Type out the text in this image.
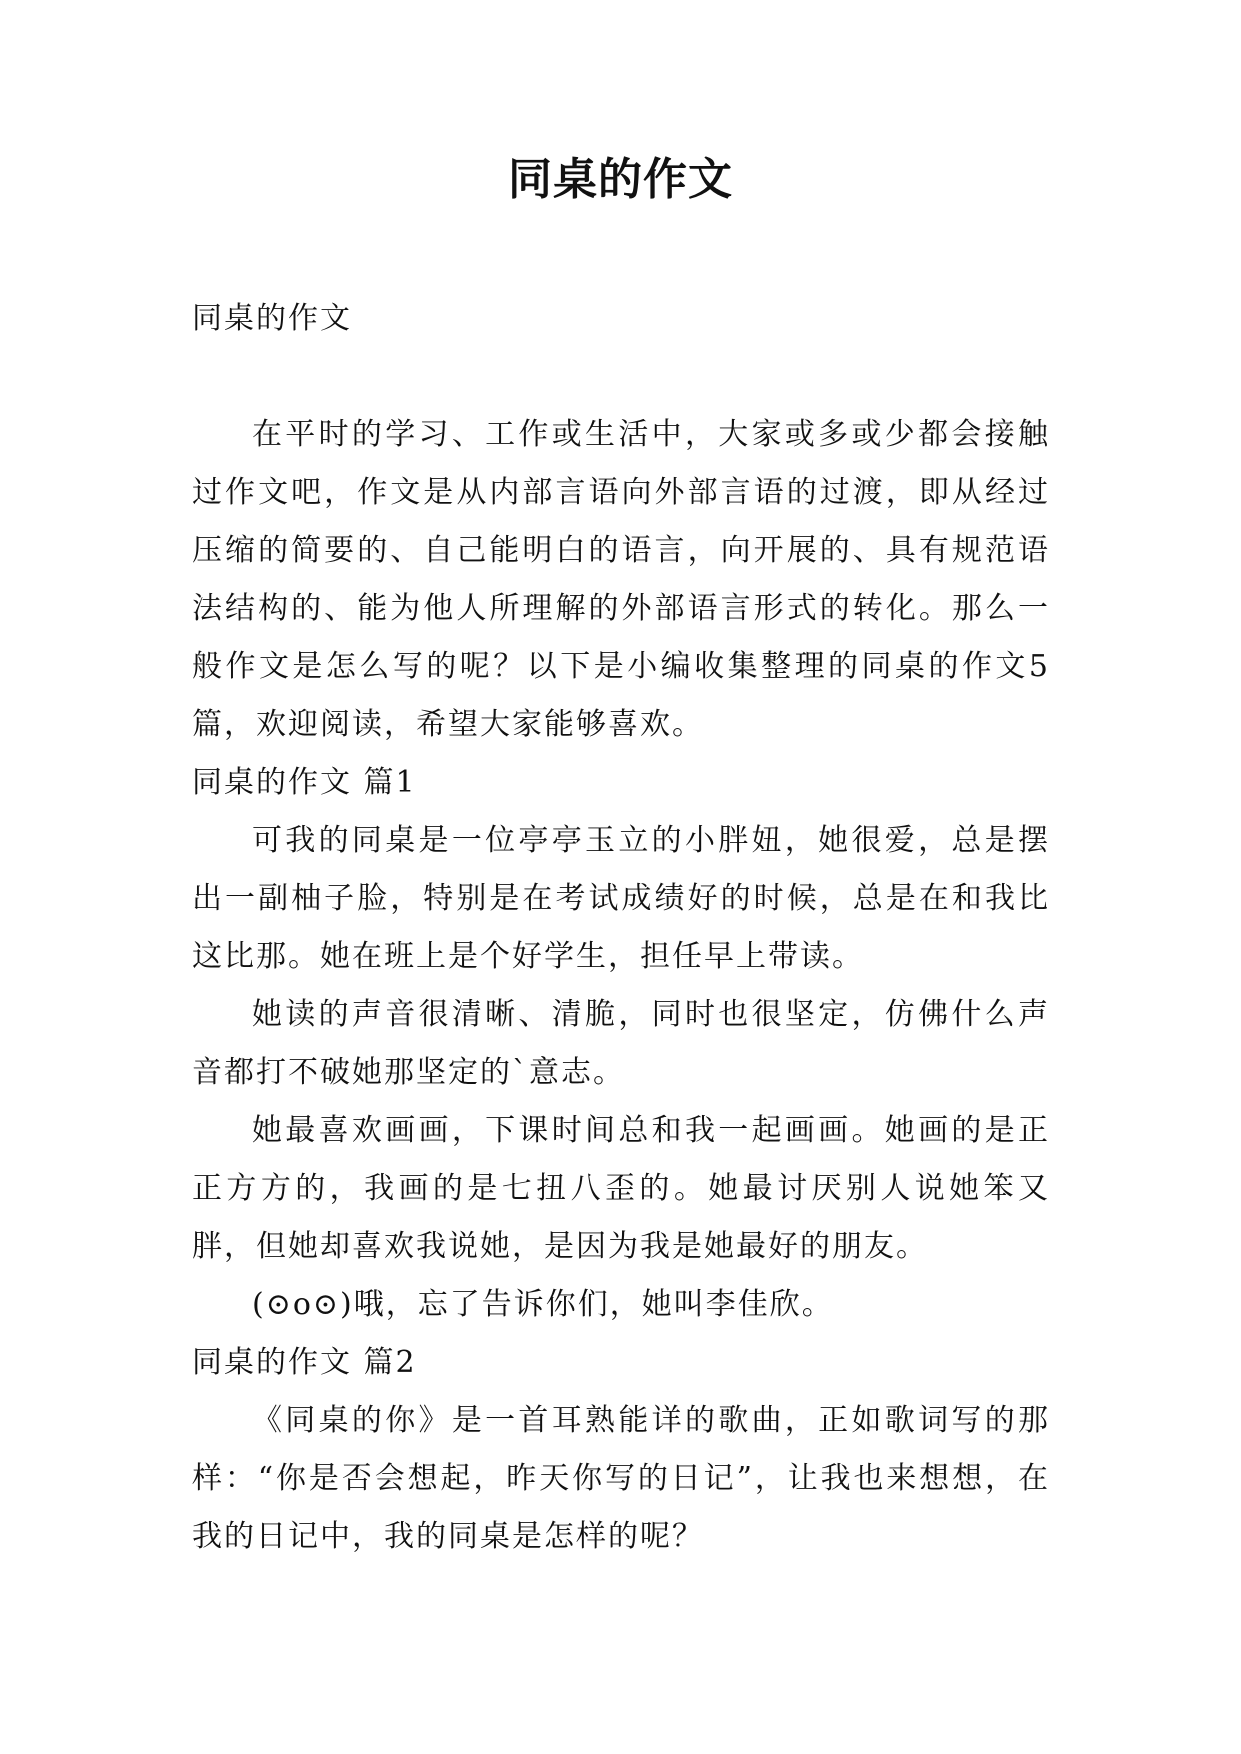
同桌的作文

同桌的作文

在平时的学习、工作或生活中，大家或多或少都会接触过作文吧，作文是从内部言语向外部言语的过渡，即从经过压缩的简要的、自己能明白的语言，向开展的、具有规范语法结构的、能为他人所理解的外部语言形式的转化。那么一般作文是怎么写的呢？以下是小编收集整理的同桌的作文5篇，欢迎阅读，希望大家能够喜欢。

同桌的作文 篇1

可我的同桌是一位亭亭玉立的小胖妞，她很爱，总是摆出一副柚子脸，特别是在考试成绩好的时候，总是在和我比这比那。她在班上是个好学生，担任早上带读。

她读的声音很清晰、清脆，同时也很坚定，仿佛什么声音都打不破她那坚定的`意志。

她最喜欢画画，下课时间总和我一起画画。她画的是正正方方的，我画的是七扭八歪的。她最讨厌别人说她笨又胖，但她却喜欢我说她，是因为我是她最好的朋友。

(⊙o⊙)哦，忘了告诉你们，她叫李佳欣。

同桌的作文 篇2

《同桌的你》是一首耳熟能详的歌曲，正如歌词写的那样：“你是否会想起，昨天你写的日记”，让我也来想想，在我的日记中，我的同桌是怎样的呢？
